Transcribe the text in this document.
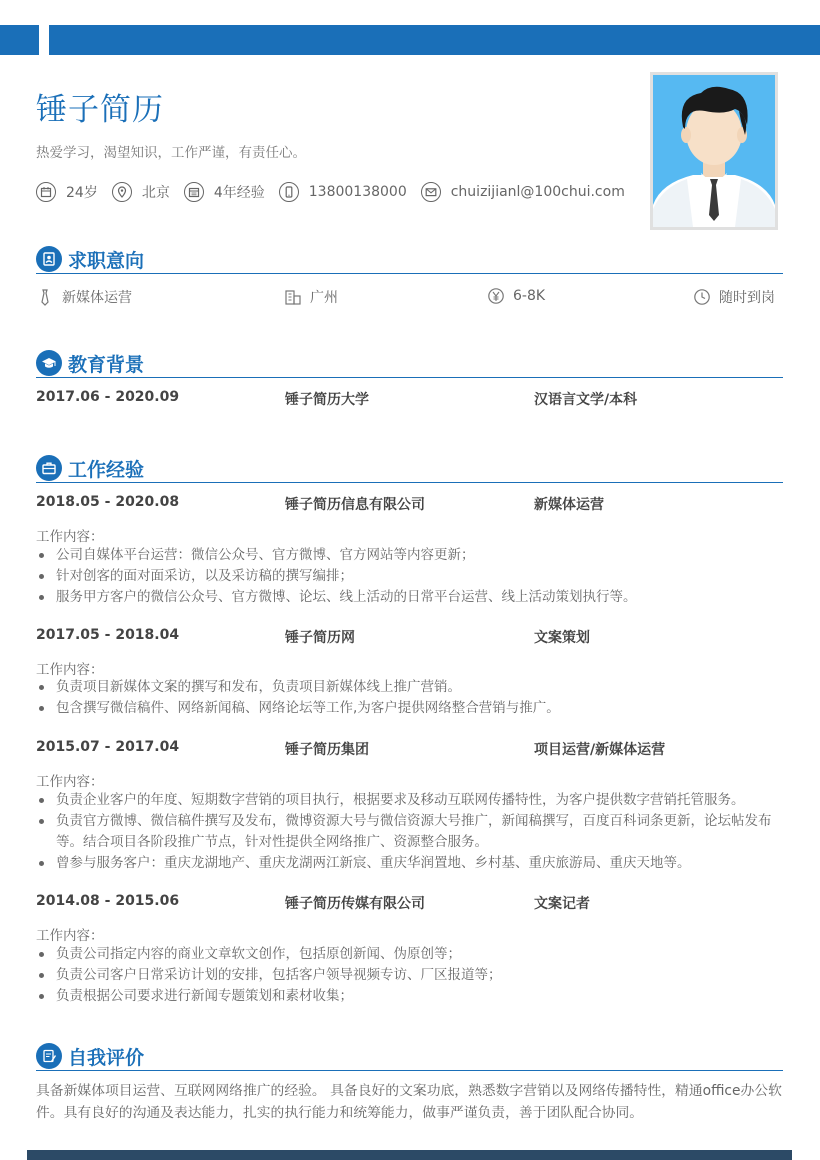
锤子简历

热爱学习，渴望知识，工作严谨，有责任心。

24岁	北京	4年经验	13800138000	chuizijianl@100chui.com
求职意向
新媒体运营	广州	6-8K	随时到岗
教育背景
2017.06 - 2020.09	锤子简历大学	汉语言文学/本科
工作经验
2018.05 - 2020.08	锤子简历信息有限公司	新媒体运营
工作内容：
公司自媒体平台运营：微信公众号、官方微博、官方网站等内容更新；
针对创客的面对面采访，以及采访稿的撰写编排；
服务甲方客户的微信公众号、官方微博、论坛、线上活动的日常平台运营、线上活动策划执行等。
2017.05 - 2018.04	锤子简历网	文案策划
工作内容：
负责项目新媒体文案的撰写和发布，负责项目新媒体线上推广营销。
包含撰写微信稿件、网络新闻稿、网络论坛等工作,为客户提供网络整合营销与推广。
2015.07 - 2017.04	锤子简历集团	项目运营/新媒体运营
工作内容：
负责企业客户的年度、短期数字营销的项目执行，根据要求及移动互联网传播特性，为客户提供数字营销托管服务。
负责官方微博、微信稿件撰写及发布，微博资源大号与微信资源大号推广，新闻稿撰写，百度百科词条更新，论坛帖发布等。结合项目各阶段推广节点，针对性提供全网络推广、资源整合服务。
曾参与服务客户：重庆龙湖地产、重庆龙湖两江新宸、重庆华润置地、乡村基、重庆旅游局、重庆天地等。
2014.08 - 2015.06	锤子简历传媒有限公司	文案记者
工作内容：
负责公司指定内容的商业文章软文创作，包括原创新闻、伪原创等；
负责公司客户日常采访计划的安排，包括客户领导视频专访、厂区报道等；
负责根据公司要求进行新闻专题策划和素材收集；
自我评价

具备新媒体项目运营、互联网网络推广的经验。 具备良好的文案功底，熟悉数字营销以及网络传播特性，精通office办公软件。具有良好的沟通及表达能力，扎实的执行能力和统筹能力，做事严谨负责，善于团队配合协同。
